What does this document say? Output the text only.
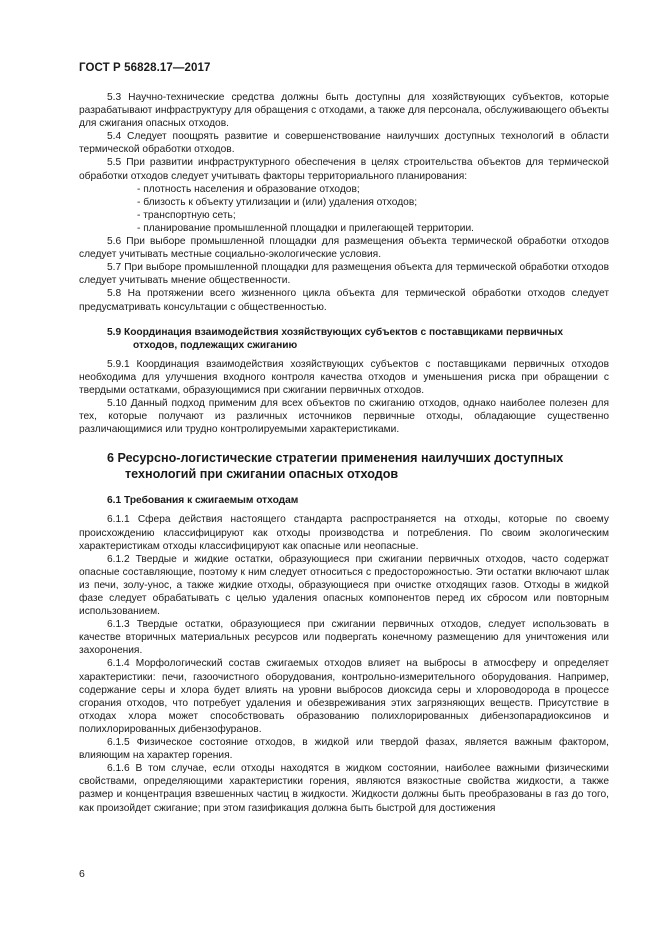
ГОСТ Р 56828.17—2017

5.3 Научно-технические средства должны быть доступны для хозяйствующих субъектов, которые разрабатывают инфраструктуру для обращения с отходами, а также для персонала, обслуживающего объекты для сжигания опасных отходов.

5.4 Следует поощрять развитие и совершенствование наилучших доступных технологий в области термической обработки отходов.

5.5 При развитии инфраструктурного обеспечения в целях строительства объектов для термической обработки отходов следует учитывать факторы территориального планирования:

- плотность населения и образование отходов;

- близость к объекту утилизации и (или) удаления отходов;

- транспортную сеть;

- планирование промышленной площадки и прилегающей территории.

5.6 При выборе промышленной площадки для размещения объекта термической обработки отходов следует учитывать местные социально-экологические условия.

5.7 При выборе промышленной площадки для размещения объекта для термической обработки отходов следует учитывать мнение общественности.

5.8 На протяжении всего жизненного цикла объекта для термической обработки отходов следует предусматривать консультации с общественностью.

5.9 Координация взаимодействия хозяйствующих субъектов с поставщиками первичных
отходов, подлежащих сжиганию

5.9.1 Координация взаимодействия хозяйствующих субъектов с поставщиками первичных отходов необходима для улучшения входного контроля качества отходов и уменьшения риска при обращении с твердыми остатками, образующимися при сжигании первичных отходов.

5.10 Данный подход применим для всех объектов по сжиганию отходов, однако наиболее полезен для тех, которые получают из различных источников первичные отходы, обладающие существенно различающимися или трудно контролируемыми характеристиками.

6 Ресурсно-логистические стратегии применения наилучших доступных
технологий при сжигании опасных отходов

6.1 Требования к сжигаемым отходам

6.1.1 Сфера действия настоящего стандарта распространяется на отходы, которые по своему происхождению классифицируют как отходы производства и потребления. По своим экологическим характеристикам отходы классифицируют как опасные или неопасные.

6.1.2 Твердые и жидкие остатки, образующиеся при сжигании первичных отходов, часто содержат опасные составляющие, поэтому к ним следует относиться с предосторожностью. Эти остатки включают шлак из печи, золу-унос, а также жидкие отходы, образующиеся при очистке отходящих газов. Отходы в жидкой фазе следует обрабатывать с целью удаления опасных компонентов перед их сбросом или повторным использованием.

6.1.3 Твердые остатки, образующиеся при сжигании первичных отходов, следует использовать в качестве вторичных материальных ресурсов или подвергать конечному размещению для уничтожения или захоронения.

6.1.4 Морфологический состав сжигаемых отходов влияет на выбросы в атмосферу и определяет характеристики: печи, газоочистного оборудования, контрольно-измерительного оборудования. Например, содержание серы и хлора будет влиять на уровни выбросов диоксида серы и хлороводорода в процессе сгорания отходов, что потребует удаления и обезвреживания этих загрязняющих веществ. Присутствие в отходах хлора может способствовать образованию полихлорированных дибензопарадиоксинов и полихлорированных дибензофуранов.

6.1.5 Физическое состояние отходов, в жидкой или твердой фазах, является важным фактором, влияющим на характер горения.

6.1.6 В том случае, если отходы находятся в жидком состоянии, наиболее важными физическими свойствами, определяющими характеристики горения, являются вязкостные свойства жидкости, а также размер и концентрация взвешенных частиц в жидкости. Жидкости должны быть преобразованы в газ до того, как произойдет сжигание; при этом газификация должна быть быстрой для достижения

6
